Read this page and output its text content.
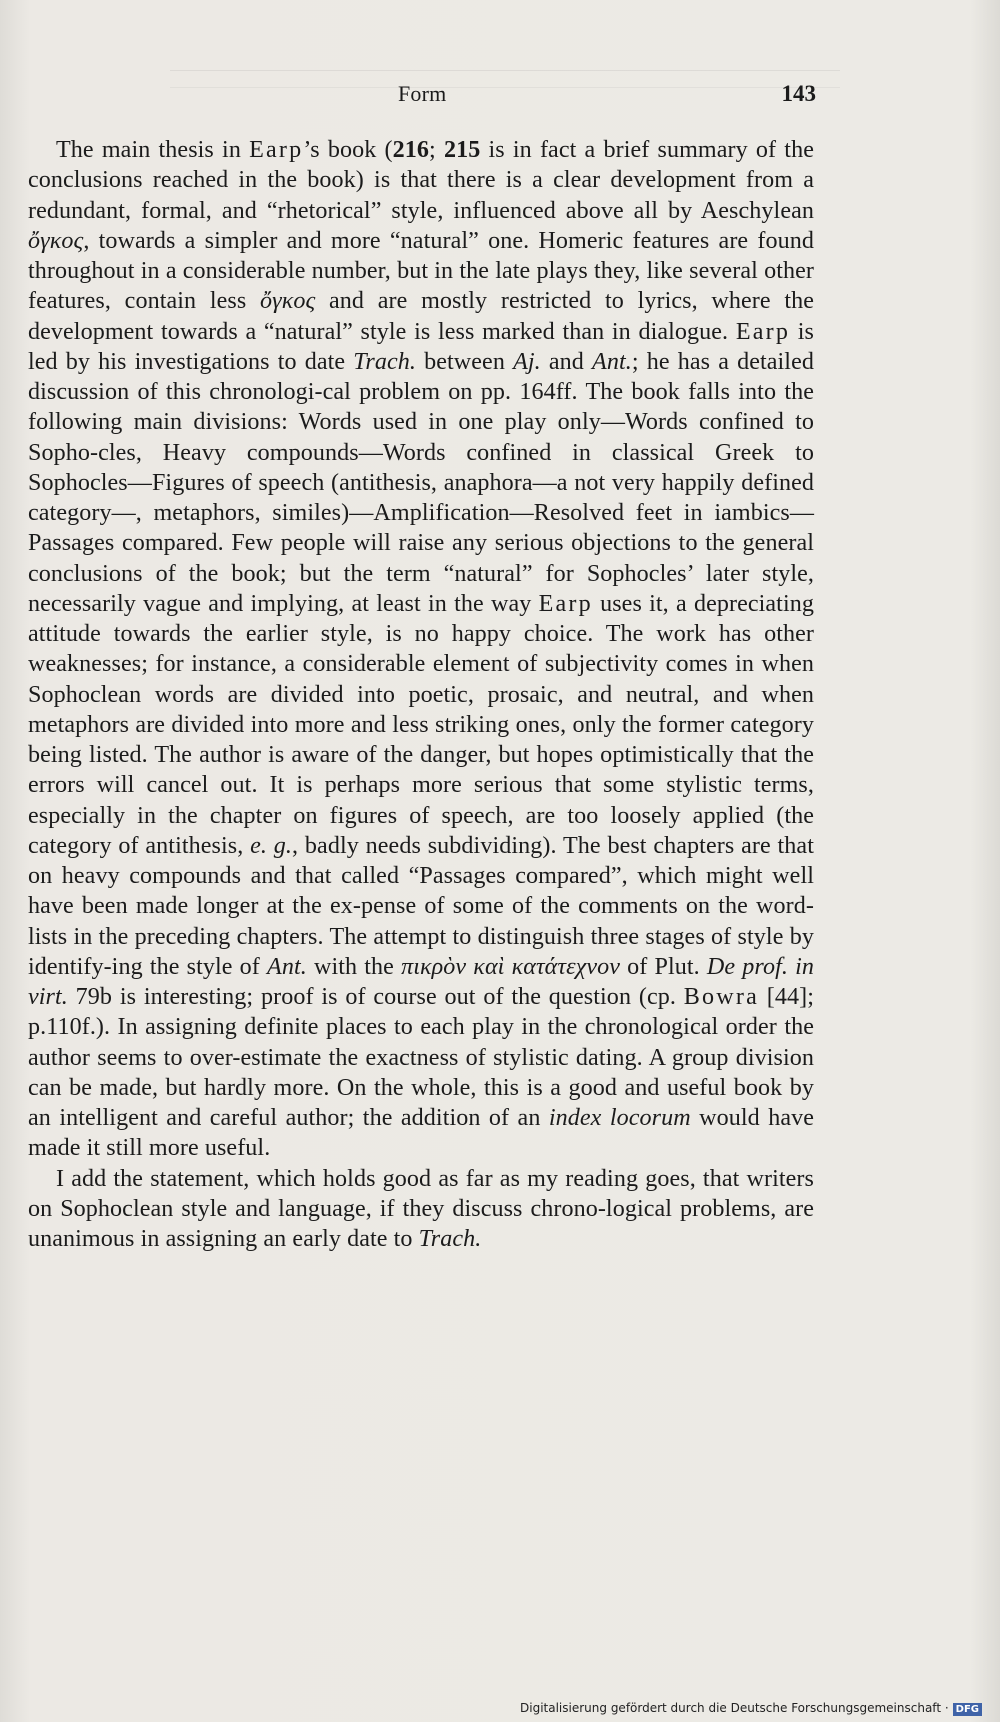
Form	143

The main thesis in Earp’s book (216; 215 is in fact a brief summary of the conclusions reached in the book) is that there is a clear development from a redundant, formal, and “rhetorical” style, influenced above all by Aeschylean ὄγκος, towards a simpler and more “natural” one. Homeric features are found throughout in a considerable number, but in the late plays they, like several other features, contain less ὄγκος and are mostly restricted to lyrics, where the development towards a “natural” style is less marked than in dialogue. Earp is led by his investigations to date Trach. between Aj. and Ant.; he has a detailed discussion of this chronologi-cal problem on pp. 164ff. The book falls into the following main divisions: Words used in one play only—Words confined to Sopho-cles, Heavy compounds—Words confined in classical Greek to Sophocles—Figures of speech (antithesis, anaphora—a not very happily defined category—, metaphors, similes)—Amplification—Resolved feet in iambics—Passages compared. Few people will raise any serious objections to the general conclusions of the book; but the term “natural” for Sophocles’ later style, necessarily vague and implying, at least in the way Earp uses it, a depreciating attitude towards the earlier style, is no happy choice. The work has other weaknesses; for instance, a considerable element of subjectivity comes in when Sophoclean words are divided into poetic, prosaic, and neutral, and when metaphors are divided into more and less striking ones, only the former category being listed. The author is aware of the danger, but hopes optimistically that the errors will cancel out. It is perhaps more serious that some stylistic terms, especially in the chapter on figures of speech, are too loosely applied (the category of antithesis, e. g., badly needs subdividing). The best chapters are that on heavy compounds and that called “Passages compared”, which might well have been made longer at the ex-pense of some of the comments on the word-lists in the preceding chapters. The attempt to distinguish three stages of style by identify-ing the style of Ant. with the πικρὸν καὶ κατάτεχνον of Plut. De prof. in virt. 79b is interesting; proof is of course out of the question (cp. Bowra [44]; p.110f.). In assigning definite places to each play in the chronological order the author seems to over-estimate the exactness of stylistic dating. A group division can be made, but hardly more. On the whole, this is a good and useful book by an intelligent and careful author; the addition of an index locorum would have made it still more useful.

I add the statement, which holds good as far as my reading goes, that writers on Sophoclean style and language, if they discuss chrono-logical problems, are unanimous in assigning an early date to Trach.

Digitalisierung gefördert durch die Deutsche Forschungsgemeinschaft · DFG
